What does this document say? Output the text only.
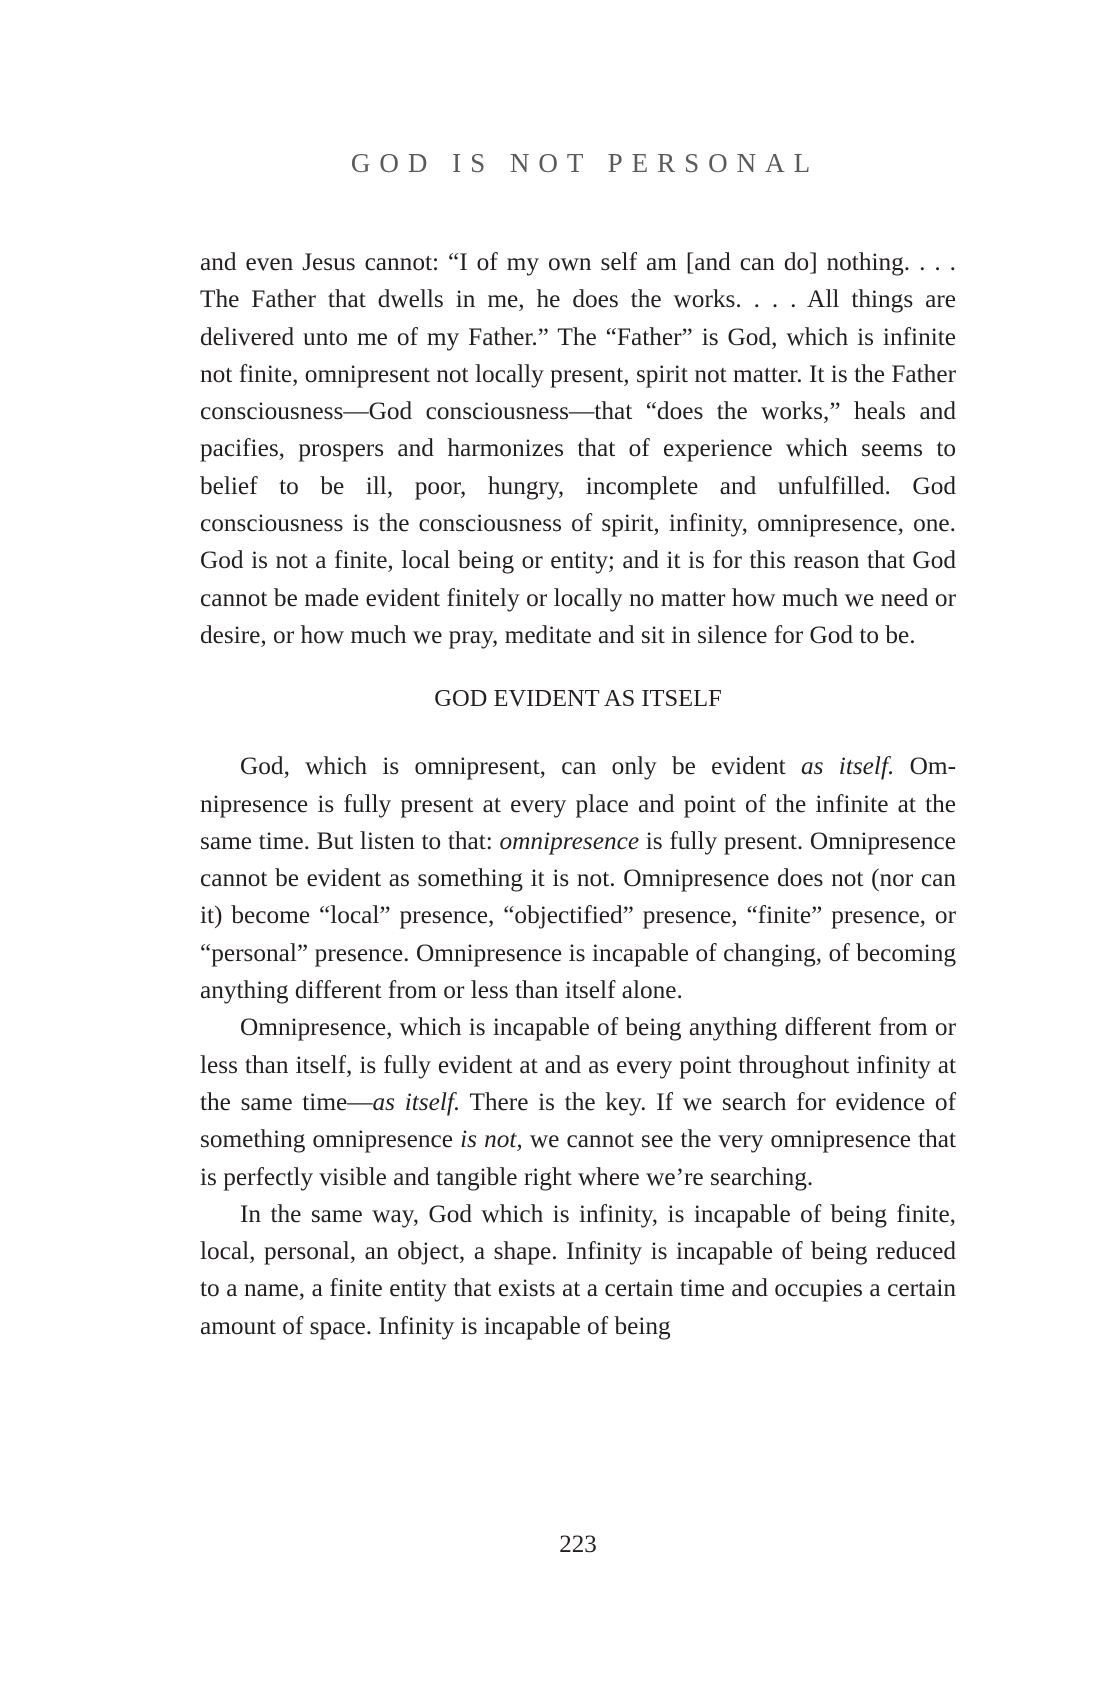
GOD IS NOT PERSONAL

and even Jesus cannot: “I of my own self am [and can do] nothing. . . . The Father that dwells in me, he does the works. . . . All things are delivered unto me of my Father.” The “Father” is God, which is infinite not finite, omnipresent not locally present, spirit not matter. It is the Father consciousness—God consciousness—that “does the works,” heals and pacifies, prospers and harmonizes that of experience which seems to belief to be ill, poor, hungry, incomplete and unfulfilled. God consciousness is the consciousness of spirit, infinity, omnipresence, one. God is not a finite, local being or entity; and it is for this reason that God cannot be made evident finitely or locally no matter how much we need or desire, or how much we pray, meditate and sit in silence for God to be.

GOD EVIDENT AS ITSELF

God, which is omnipresent, can only be evident as itself. Omnipresence is fully present at every place and point of the infinite at the same time. But listen to that: omnipresence is fully present. Omnipresence cannot be evident as something it is not. Omnipresence does not (nor can it) become “local” presence, “objectified” presence, “finite” presence, or “personal” presence. Omnipresence is incapable of changing, of becoming anything different from or less than itself alone.

Omnipresence, which is incapable of being anything different from or less than itself, is fully evident at and as every point throughout infinity at the same time—as itself. There is the key. If we search for evidence of something omnipresence is not, we cannot see the very omnipresence that is perfectly visible and tangible right where we’re searching.

In the same way, God which is infinity, is incapable of being finite, local, personal, an object, a shape. Infinity is incapable of being reduced to a name, a finite entity that exists at a certain time and occupies a certain amount of space. Infinity is incapable of being

223
